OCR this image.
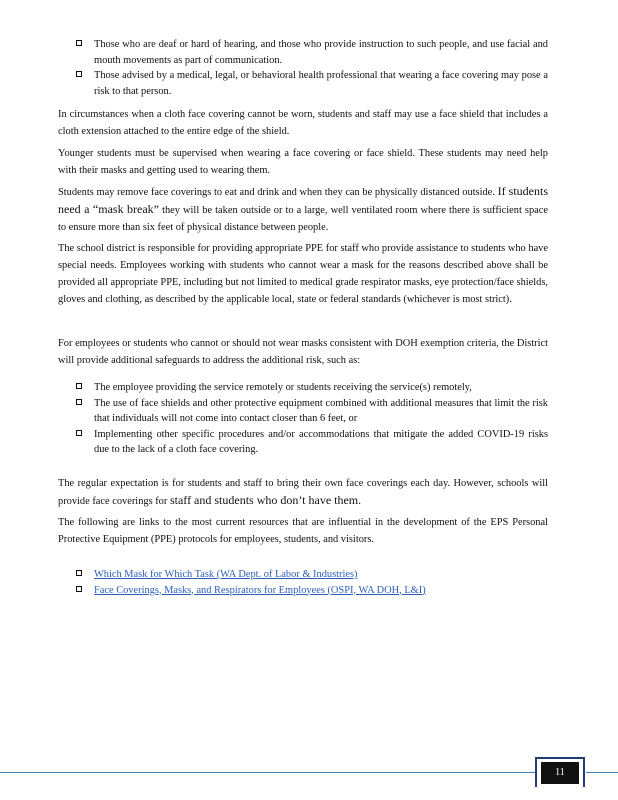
Those who are deaf or hard of hearing, and those who provide instruction to such people, and use facial and mouth movements as part of communication.
Those advised by a medical, legal, or behavioral health professional that wearing a face covering may pose a risk to that person.

In circumstances when a cloth face covering cannot be worn, students and staff may use a face shield that includes a cloth extension attached to the entire edge of the shield.

Younger students must be supervised when wearing a face covering or face shield. These students may need help with their masks and getting used to wearing them.

Students may remove face coverings to eat and drink and when they can be physically distanced outside. If students need a “mask break” they will be taken outside or to a large, well ventilated room where there is sufficient space to ensure more than six feet of physical distance between people.

The school district is responsible for providing appropriate PPE for staff who provide assistance to students who have special needs. Employees working with students who cannot wear a mask for the reasons described above shall be provided all appropriate PPE, including but not limited to medical grade respirator masks, eye protection/face shields, gloves and clothing, as described by the applicable local, state or federal standards (whichever is most strict).

For employees or students who cannot or should not wear masks consistent with DOH exemption criteria, the District will provide additional safeguards to address the additional risk, such as:

The employee providing the service remotely or students receiving the service(s) remotely,
The use of face shields and other protective equipment combined with additional measures that limit the risk that individuals will not come into contact closer than 6 feet, or
Implementing other specific procedures and/or accommodations that mitigate the added COVID-19 risks due to the lack of a cloth face covering.

The regular expectation is for students and staff to bring their own face coverings each day. However, schools will provide face coverings for staff and students who don’t have them.

The following are links to the most current resources that are influential in the development of the EPS Personal Protective Equipment (PPE) protocols for employees, students, and visitors.

Which Mask for Which Task (WA Dept. of Labor & Industries)
Face Coverings, Masks, and Respirators for Employees (OSPI, WA DOH, L&I)
11
